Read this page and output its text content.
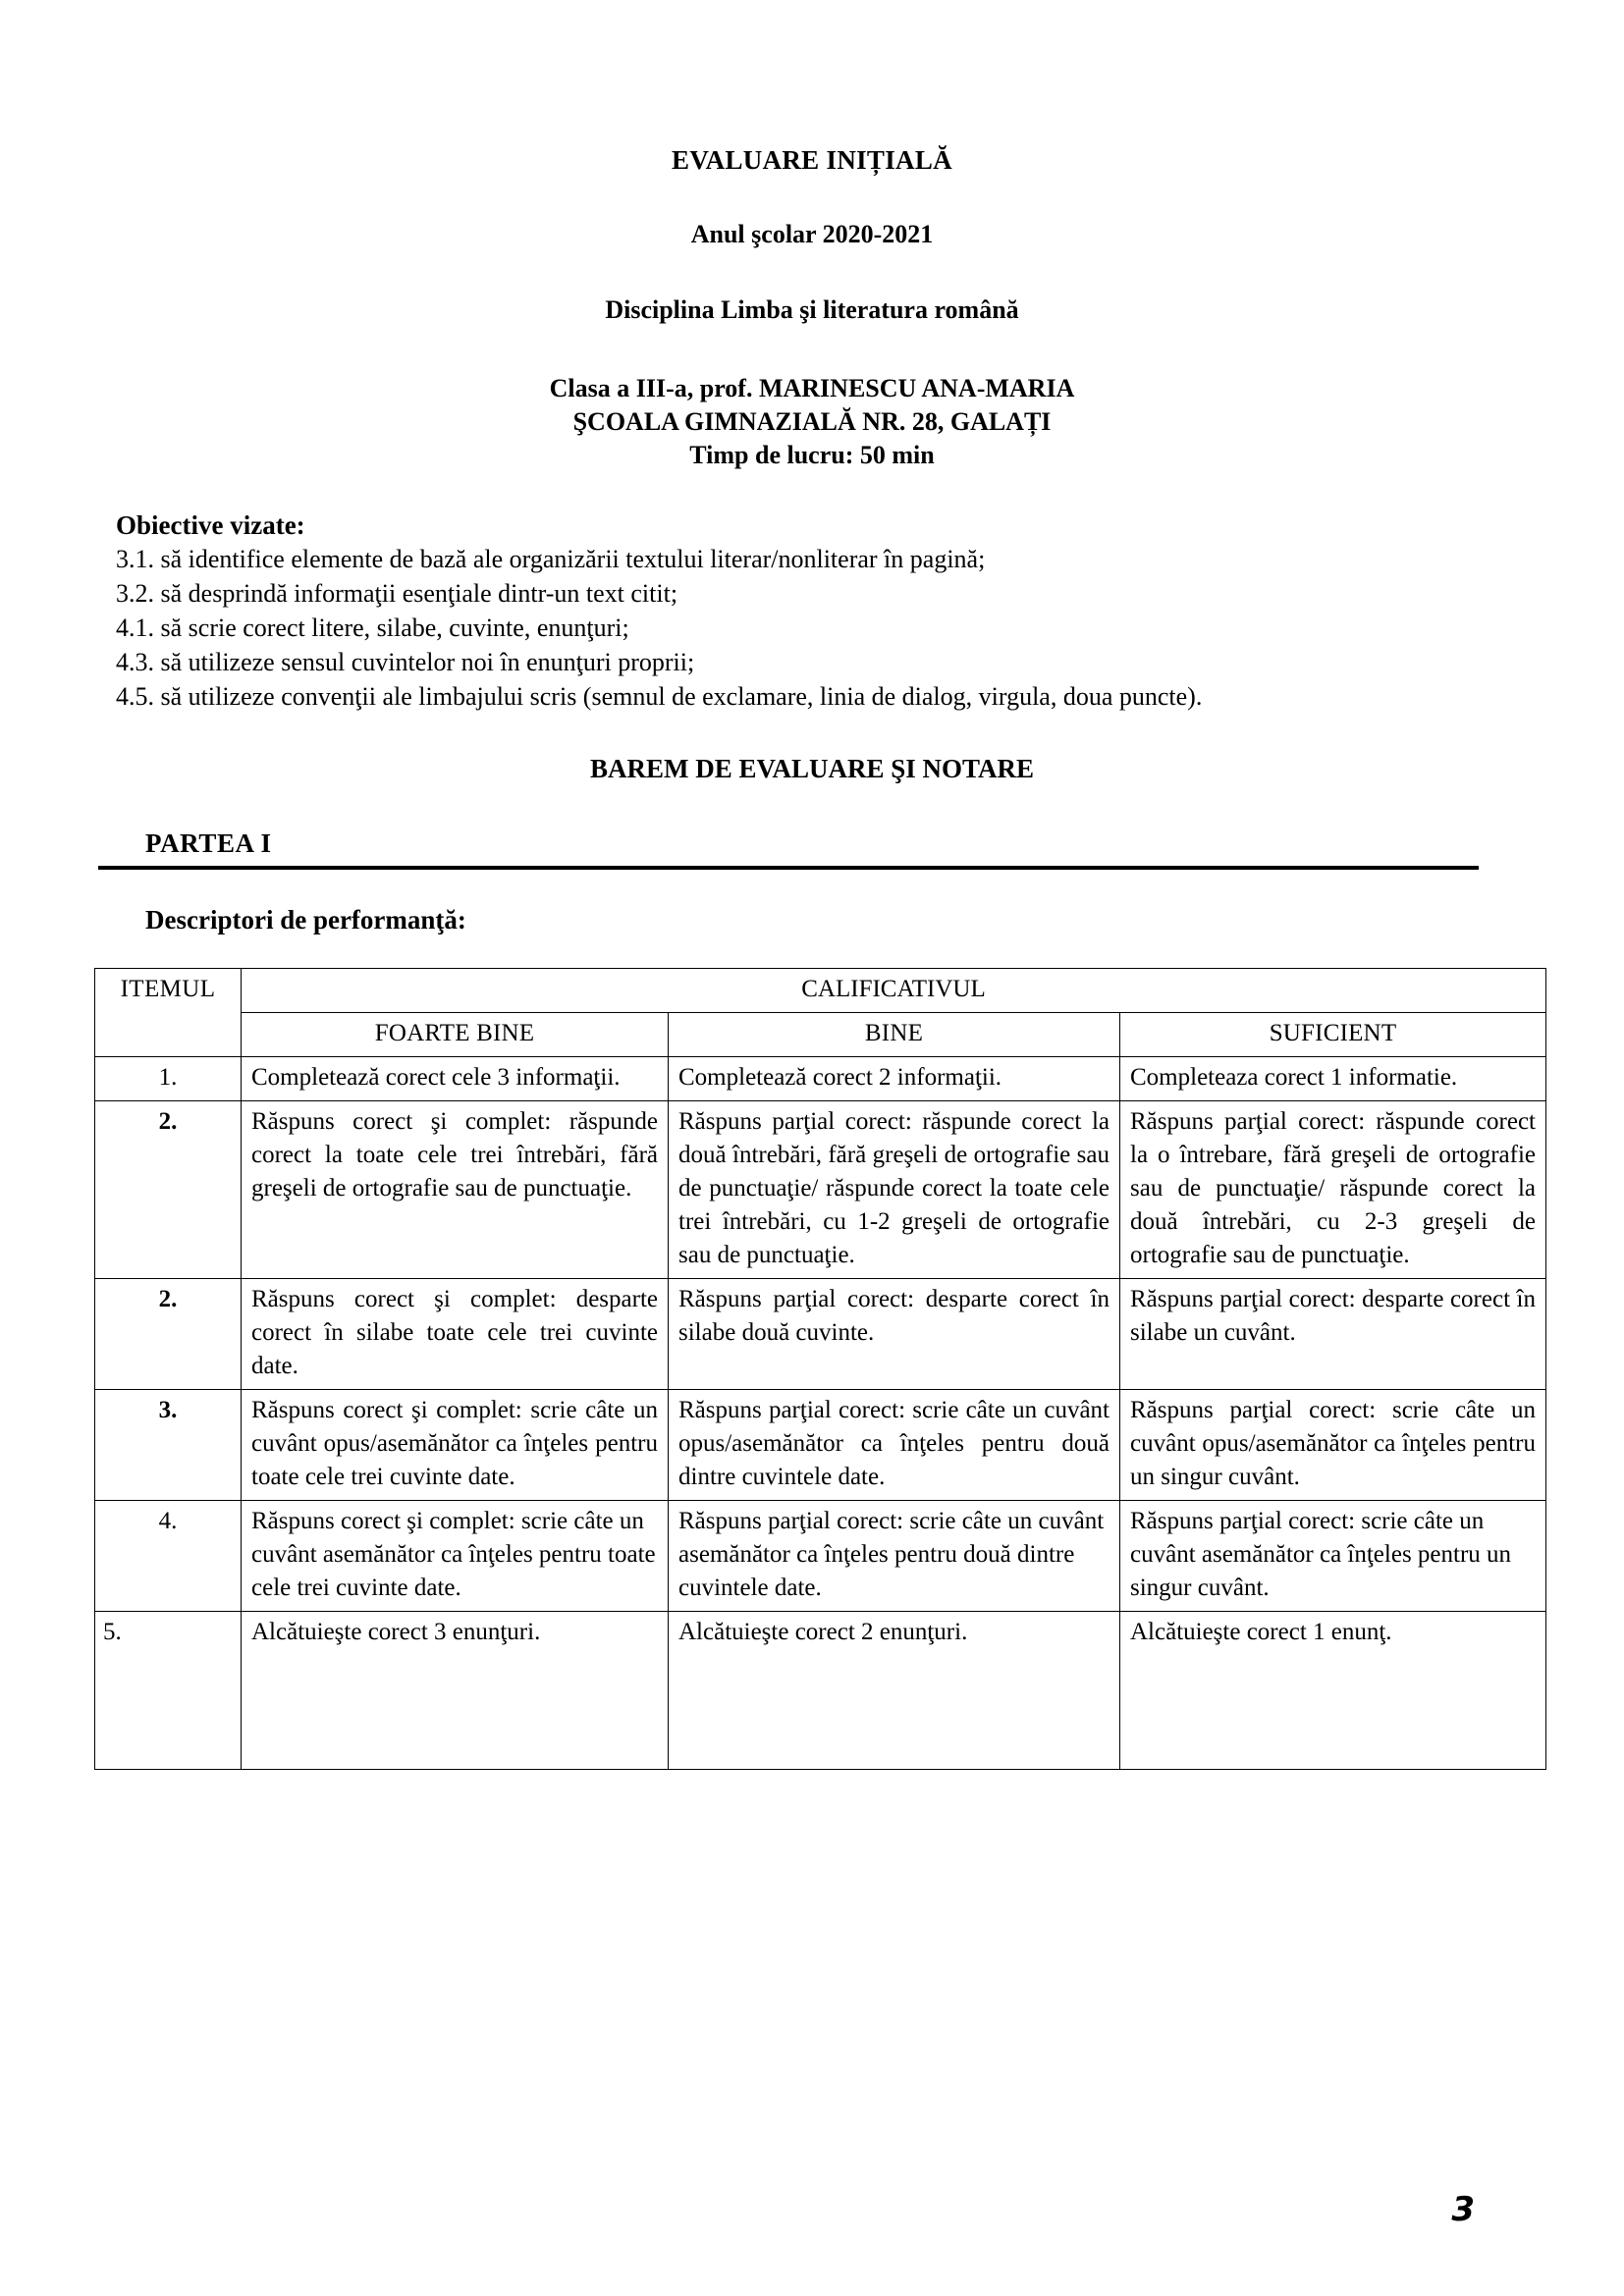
EVALUARE INIȚIALĂ
Anul şcolar 2020-2021
Disciplina Limba şi literatura română
Clasa a III-a, prof. MARINESCU ANA-MARIA
ŞCOALA GIMNAZIALĂ NR. 28, GALAȚI
Timp de lucru: 50 min
Obiective vizate:
3.1. să identifice elemente de bază ale organizării textului literar/nonliterar în pagină;
3.2. să desprindă informaţii esenţiale dintr-un text citit;
4.1. să scrie corect litere, silabe, cuvinte, enunţuri;
4.3. să utilizeze sensul cuvintelor noi în enunţuri proprii;
4.5. să utilizeze convenţii ale limbajului scris (semnul de exclamare, linia de dialog, virgula, doua puncte).
BAREM DE EVALUARE ŞI NOTARE
PARTEA I
Descriptori de performanţă:
ITEMUL	CALIFICATIVUL		
	FOARTE BINE	BINE	SUFICIENT
1.	Completează corect cele 3 informaţii.	Completează corect 2 informaţii.	Completeaza corect 1 informatie.
2.	Răspuns corect şi complet: răspunde corect la toate cele trei întrebări, fără greşeli de ortografie sau de punctuaţie.	Răspuns parţial corect: răspunde corect la două întrebări, fără greşeli de ortografie sau de punctuaţie/ răspunde corect la toate cele trei întrebări, cu 1-2 greşeli de ortografie sau de punctuaţie.	Răspuns parţial corect: răspunde corect la o întrebare, fără greşeli de ortografie sau de punctuaţie/ răspunde corect la două întrebări, cu 2-3 greşeli de ortografie sau de punctuaţie.
2.	Răspuns corect şi complet: desparte corect în silabe toate cele trei cuvinte date.	Răspuns parţial corect: desparte corect în silabe două cuvinte.	Răspuns parţial corect: desparte corect în silabe un cuvânt.
3.	Răspuns corect şi complet: scrie câte un cuvânt opus/asemănător ca înţeles pentru toate cele trei cuvinte date.	Răspuns parţial corect: scrie câte un cuvânt opus/asemănător ca înţeles pentru două dintre cuvintele date.	Răspuns parţial corect: scrie câte un cuvânt opus/asemănător ca înţeles pentru un singur cuvânt.
4.	Răspuns corect şi complet: scrie câte un cuvânt asemănător ca înţeles pentru toate cele trei cuvinte date.	Răspuns parţial corect: scrie câte un cuvânt asemănător ca înţeles pentru două dintre cuvintele date.	Răspuns parţial corect: scrie câte un cuvânt asemănător ca înţeles pentru un singur cuvânt.
5.	Alcătuieşte corect 3 enunţuri.	Alcătuieşte corect 2 enunţuri.	Alcătuieşte corect 1 enunţ.
3
